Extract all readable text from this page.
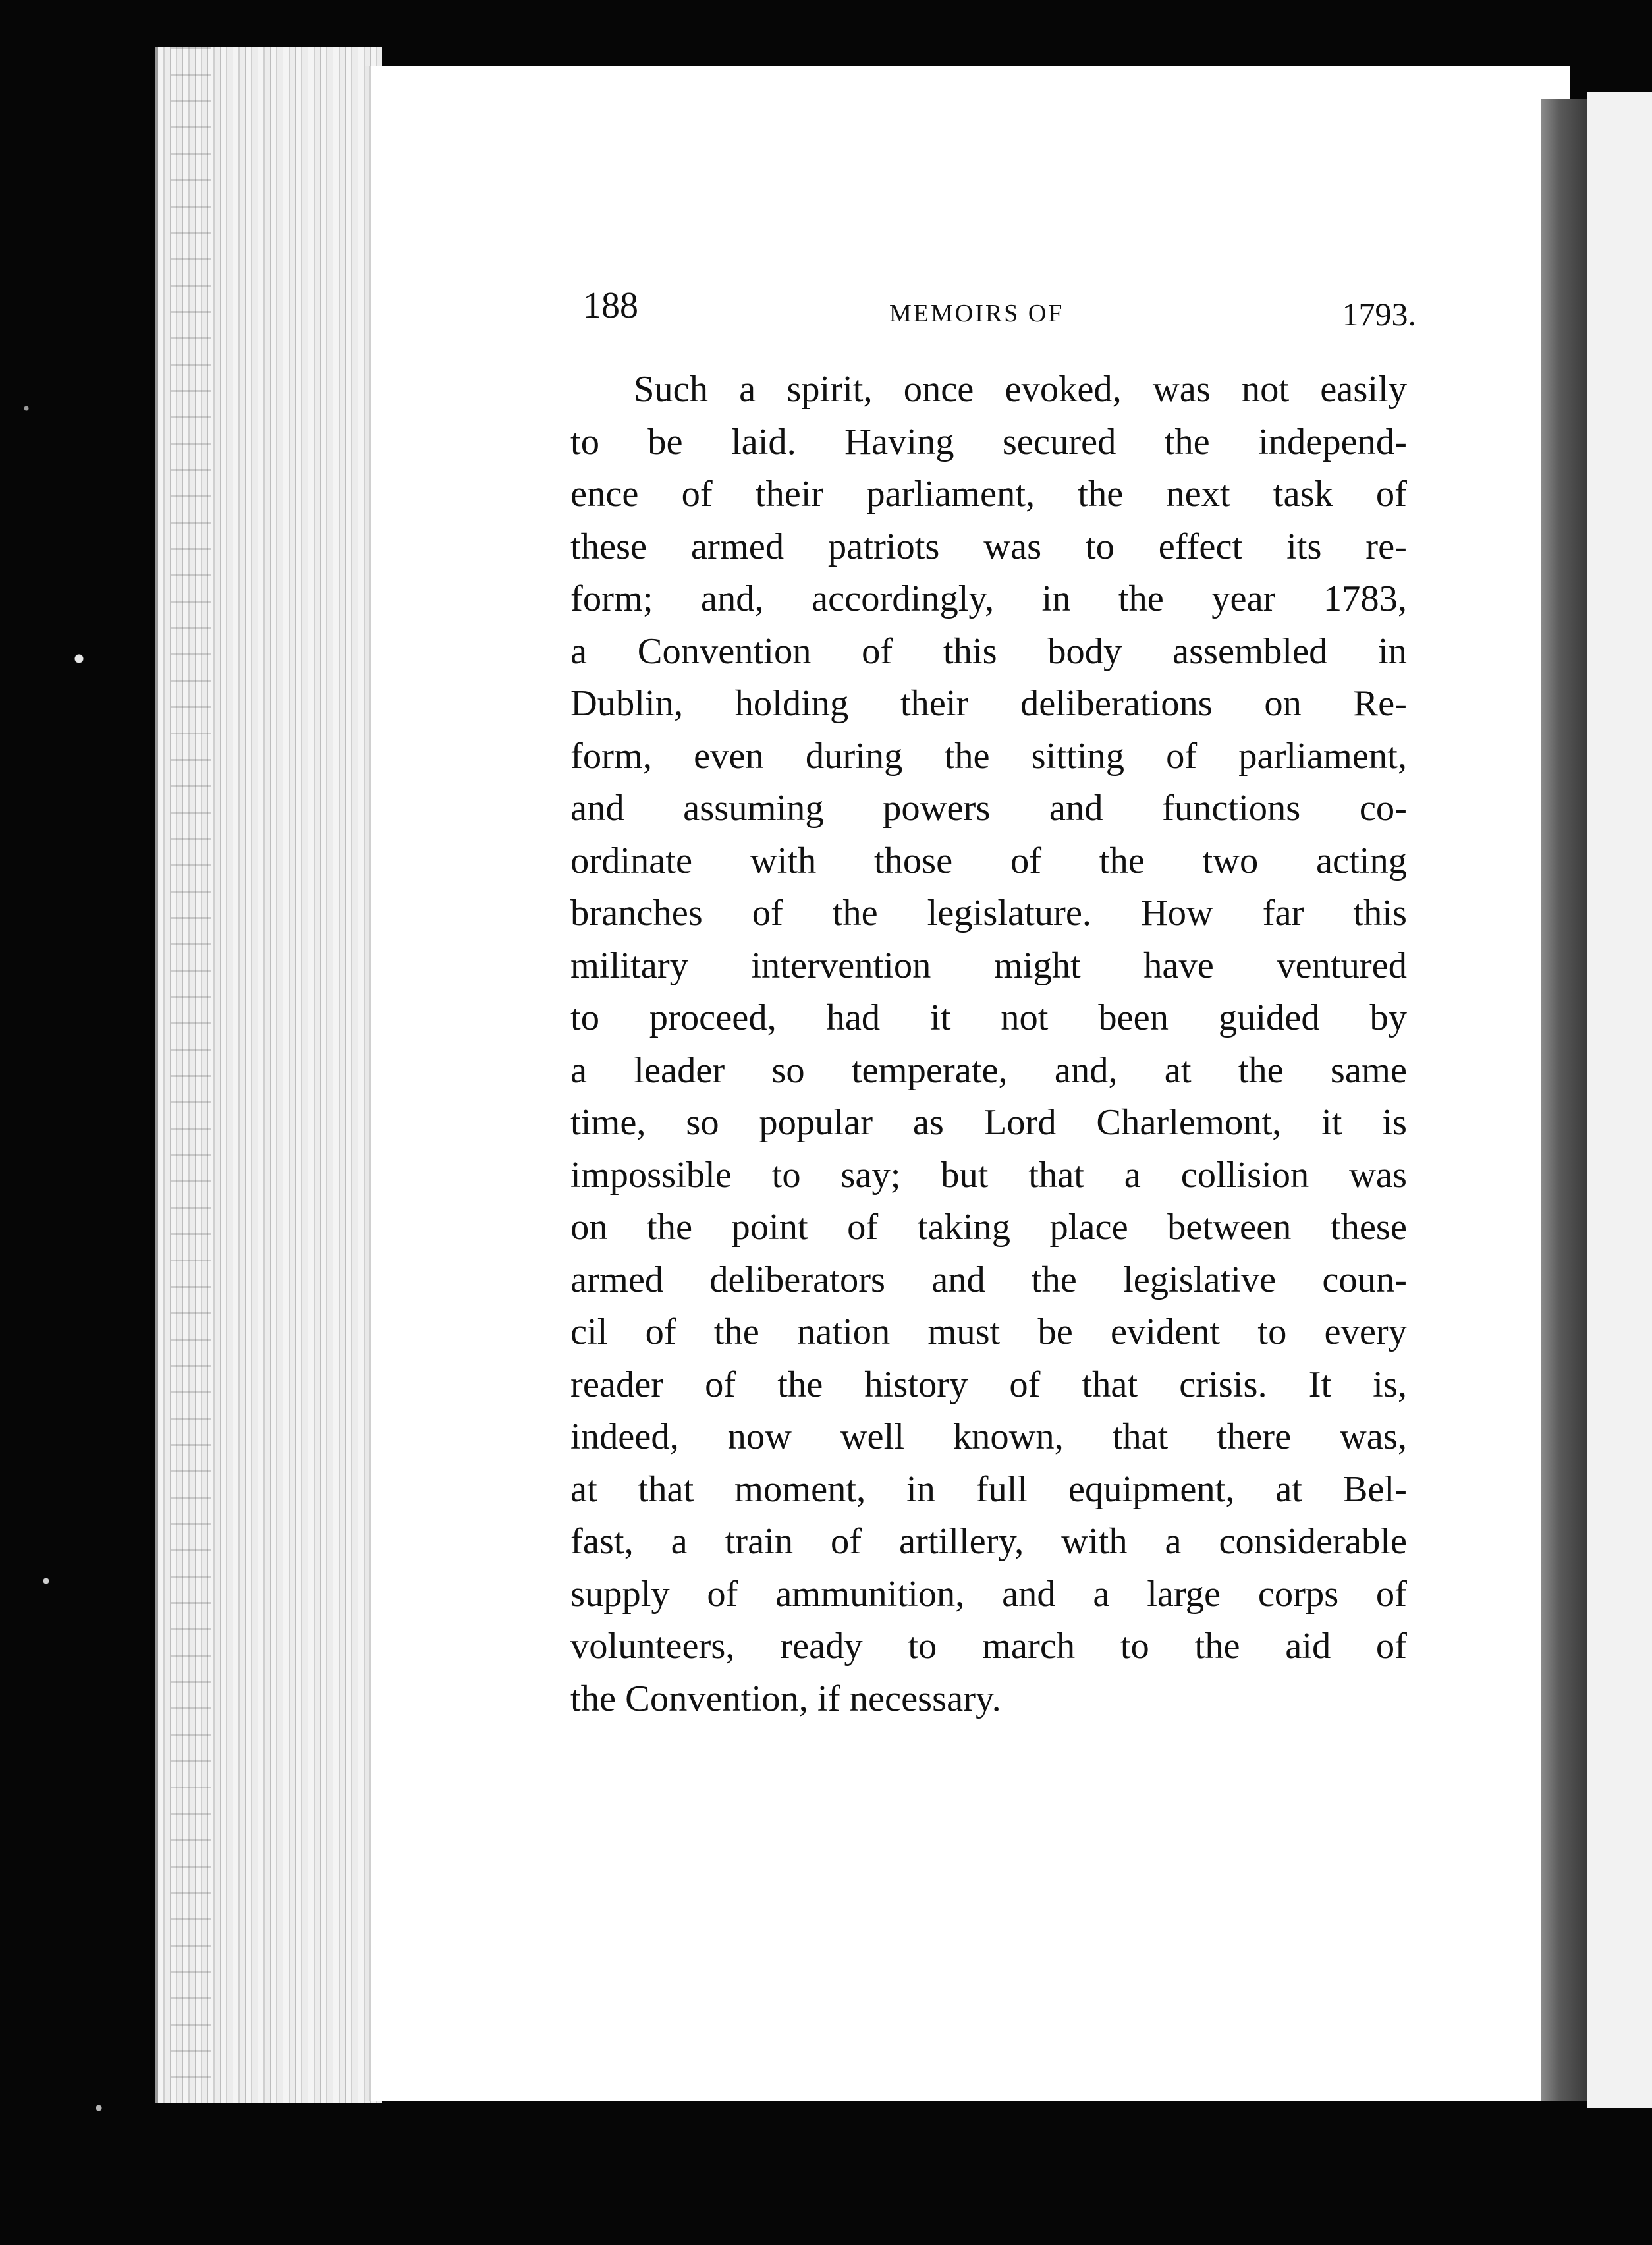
188	MEMOIRS OF	1793.
Such a spirit, once evoked, was not easily
to be laid. Having secured the independ-
ence of their parliament, the next task of
these armed patriots was to effect its re-
form; and, accordingly, in the year 1783,
a Convention of this body assembled in
Dublin, holding their deliberations on Re-
form, even during the sitting of parliament,
and assuming powers and functions co-
ordinate with those of the two acting
branches of the legislature. How far this
military intervention might have ventured
to proceed, had it not been guided by
a leader so temperate, and, at the same
time, so popular as Lord Charlemont, it is
impossible to say; but that a collision was
on the point of taking place between these
armed deliberators and the legislative coun-
cil of the nation must be evident to every
reader of the history of that crisis. It is,
indeed, now well known, that there was,
at that moment, in full equipment, at Bel-
fast, a train of artillery, with a considerable
supply of ammunition, and a large corps of
volunteers, ready to march to the aid of
the Convention, if necessary.
